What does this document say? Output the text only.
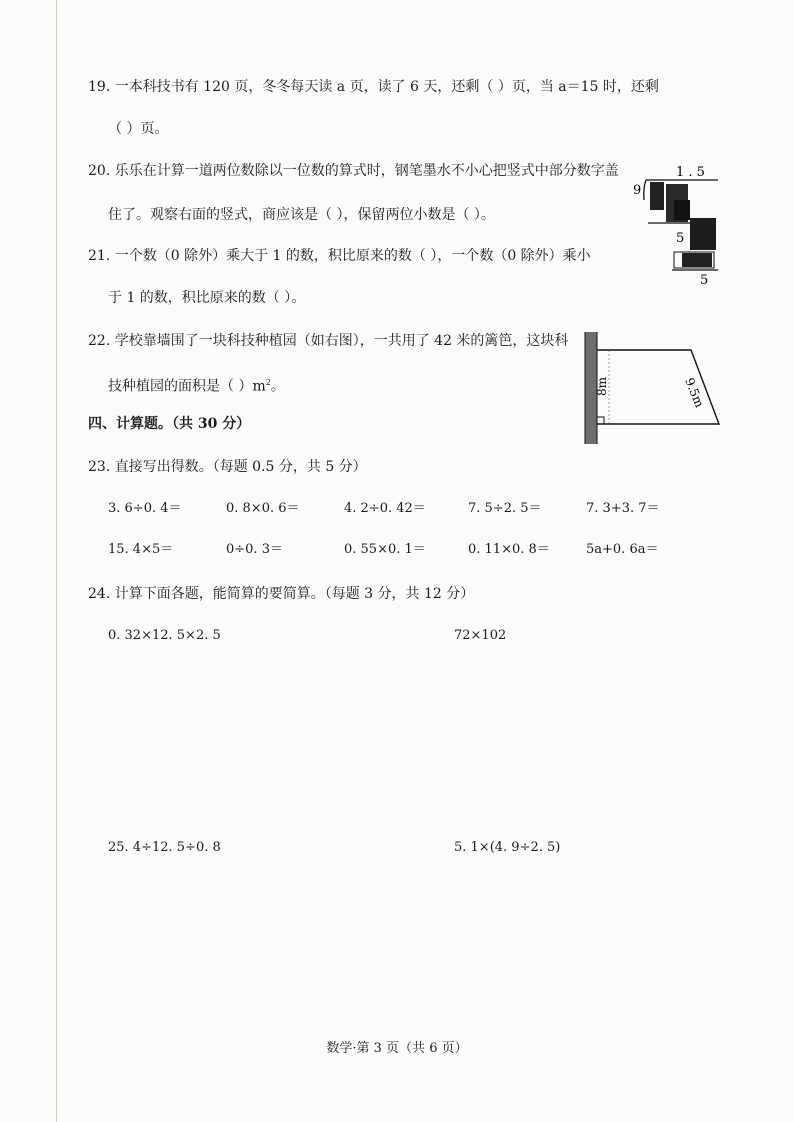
19. 一本科技书有 120 页，冬冬每天读 a 页，读了 6 天，还剩（ ）页，当 a＝15 时，还剩
（ ）页。
20. 乐乐在计算一道两位数除以一位数的算式时，钢笔墨水不小心把竖式中部分数字盖
住了。观察右面的竖式，商应该是（ ），保留两位小数是（ ）。
1 . 5
9
5
5
21. 一个数（0 除外）乘大于 1 的数，积比原来的数（ ），一个数（0 除外）乘小
于 1 的数，积比原来的数（ ）。
22. 学校靠墙围了一块科技种植园（如右图），一共用了 42 米的篱笆，这块科
技种植园的面积是（ ）$m^2$。	8m	9.5m
四、计算题。（共 30 分）
23. 直接写出得数。（每题 0.5 分，共 5 分）
3. 6÷0. 4＝	0. 8×0. 6＝	4. 2÷0. 42＝	7. 5÷2. 5＝	7. 3+3. 7＝
15. 4×5＝	0÷0. 3＝	0. 55×0. 1＝	0. 11×0. 8＝	5a+0. 6a＝
24. 计算下面各题，能简算的要简算。（每题 3 分，共 12 分）
0. 32×12. 5×2. 5	72×102
25. 4÷12. 5÷0. 8	5. 1×(4. 9÷2. 5)
数学·第 3 页（共 6 页）
